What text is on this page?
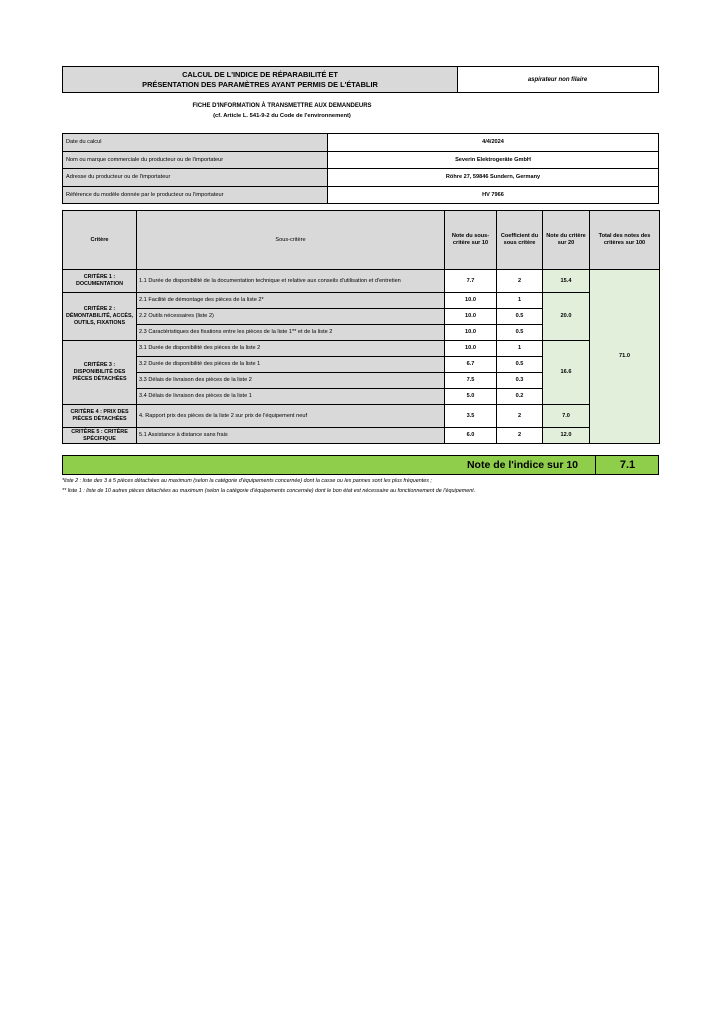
CALCUL DE L'INDICE DE RÉPARABILITÉ ET
PRÉSENTATION DES PARAMÈTRES AYANT PERMIS DE L'ÉTABLIR	aspirateur non filaire
FICHE D'INFORMATION À TRANSMETTRE AUX DEMANDEURS
(cf. Article L. 541-9-2 du Code de l'environnement)
Date du calcul	4/4/2024
Nom ou marque commerciale du producteur ou de l'importateur	Severin Elektrogeräte GmbH
Adresse du producteur ou de l'importateur	Röhre 27, 59846 Sundern, Germany
Référence du modèle donnée par le producteur ou l'importateur	HV 7966
Critère	Sous-critère	Note du sous-critère sur 10	Coefficient du sous critère	Note du critère sur 20	Total des notes des critères sur 100
CRITÈRE 1 : DOCUMENTATION	1.1 Durée de disponibilité de la documentation technique et relative aux conseils d'utilisation et d'entretien	7.7	2	15.4	71.0
CRITÈRE 2 : DÉMONTABILITÉ, ACCÈS, OUTILS, FIXATIONS	2.1 Facilité de démontage des pièces de la liste 2*	10.0	1	20.0	
	2.2 Outils nécessaires (liste 2)	10.0	0.5		
	2.3 Caractéristiques des fixations entre les pièces de la liste 1** et de la liste 2	10.0	0.5		
CRITÈRE 3 : DISPONIBILITÉ DES PIÈCES DÉTACHÉES	3.1 Durée de disponibilité des pièces de la liste 2	10.0	1	16.6	
	3.2 Durée de disponibilité des pièces de la liste 1	6.7	0.5		
	3.3 Délais de livraison des pièces de la liste 2	7.5	0.3		
	3.4 Délais de livraison des pièces de la liste 1	5.0	0.2		
CRITÈRE 4 : PRIX DES PIÈCES DÉTACHÉES	4. Rapport prix des pièces de la liste 2 sur prix de l'équipement neuf	3.5	2	7.0	
CRITÈRE 5 : CRITÈRE SPÉCIFIQUE	5.1 Assistance à distance sans frais	6.0	2	12.0	
Note de l'indice sur 10	7.1
*liste 2 : liste des 3 à 5 pièces détachées au maximum (selon la catégorie d'équipements concernée) dont la casse ou les pannes sont les plus fréquentes ;
** liste 1 : liste de 10 autres pièces détachées au maximum (selon la catégorie d'équipements concernée) dont le bon état est nécessaire au fonctionnement de l'équipement.
